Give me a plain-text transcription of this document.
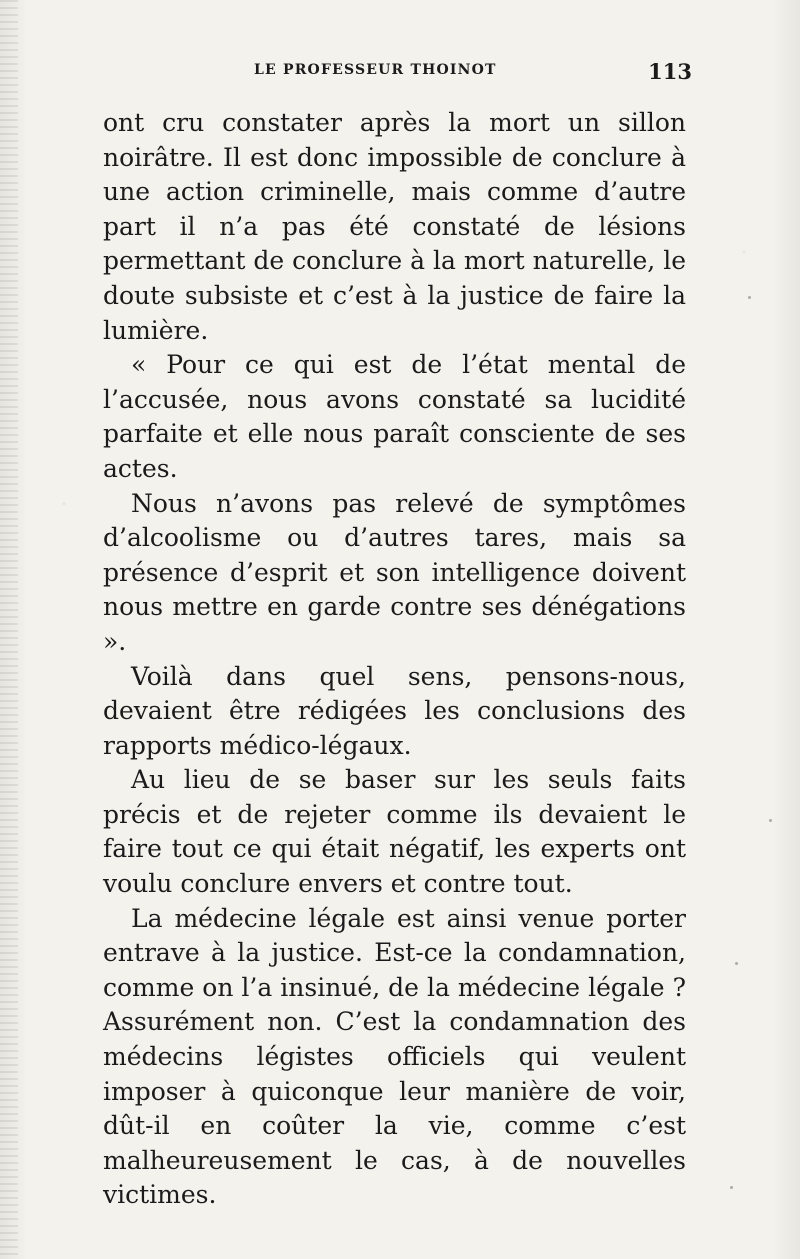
LE PROFESSEUR THOINOT	113

ont cru constater après la mort un sillon noirâtre. Il est donc impossible de conclure à une action criminelle, mais comme d’autre part il n’a pas été constaté de lésions permettant de conclure à la mort naturelle, le doute subsiste et c’est à la justice de faire la lumière.

« Pour ce qui est de l’état mental de l’accusée, nous avons constaté sa lucidité parfaite et elle nous paraît consciente de ses actes.

Nous n’avons pas relevé de symptômes d’alcoolisme ou d’autres tares, mais sa présence d’esprit et son intelligence doivent nous mettre en garde contre ses dénégations ».

Voilà dans quel sens, pensons-nous, devaient être rédigées les conclusions des rapports médico-légaux.

Au lieu de se baser sur les seuls faits précis et de rejeter comme ils devaient le faire tout ce qui était négatif, les experts ont voulu conclure envers et contre tout.

La médecine légale est ainsi venue porter entrave à la justice. Est-ce la condamnation, comme on l’a insinué, de la médecine légale ? Assurément non. C’est la condamnation des médecins légistes officiels qui veulent imposer à quiconque leur manière de voir, dût-il en coûter la vie, comme c’est malheureusement le cas, à de nouvelles victimes.
